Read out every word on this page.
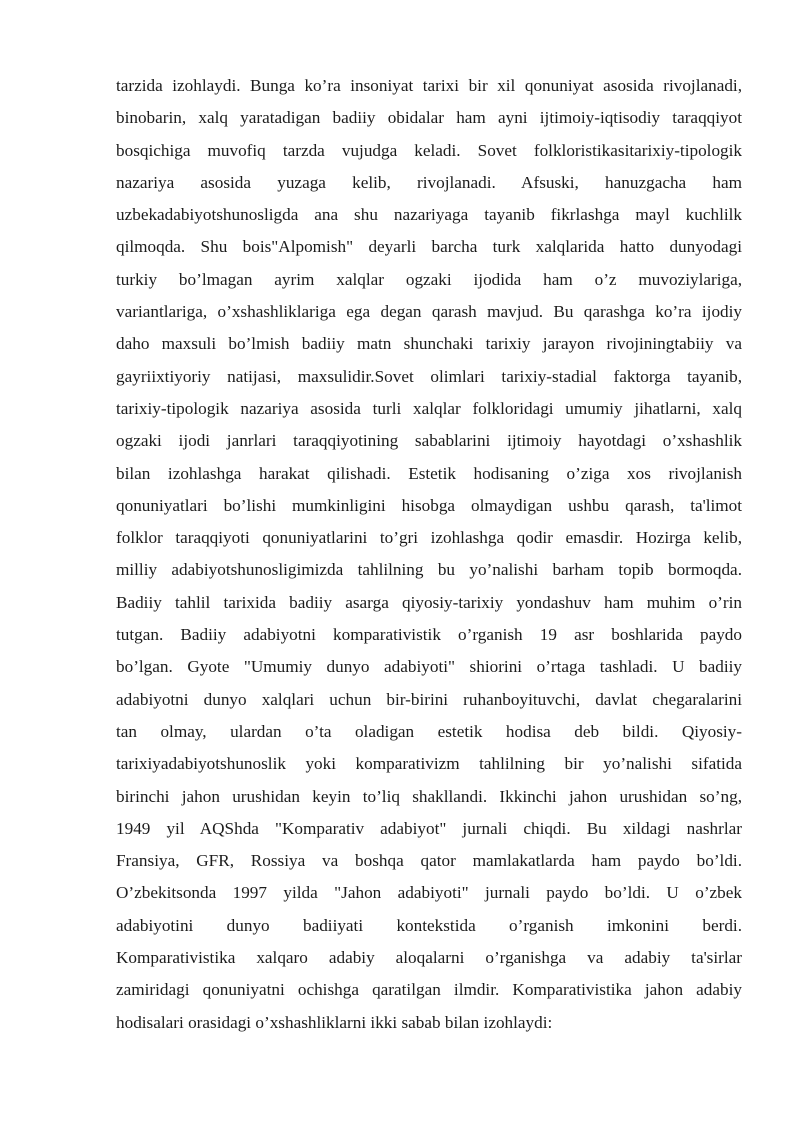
tarzida izohlaydi. Bunga ko’ra insoniyat tarixi bir xil qonuniyat asosida rivojlanadi,
binobarin, xalq yaratadigan badiiy obidalar ham ayni ijtimoiy-iqtisodiy taraqqiyot
bosqichiga muvofiq tarzda vujudga keladi. Sovet folkloristikasitarixiy-tipologik
nazariya asosida yuzaga kelib, rivojlanadi. Afsuski, hanuzgacha ham
uzbekadabiyotshunosligda ana shu nazariyaga tayanib fikrlashga mayl kuchlilk
qilmoqda. Shu bois"Alpomish" deyarli barcha turk xalqlarida hatto dunyodagi
turkiy bo’lmagan ayrim xalqlar ogzaki ijodida ham o’z muvoziylariga,
variantlariga, o’xshashliklariga ega degan qarash mavjud. Bu qarashga ko’ra ijodiy
daho maxsuli bo’lmish badiiy matn shunchaki tarixiy jarayon rivojiningtabiiy va
gayriixtiyoriy natijasi, maxsulidir.Sovet olimlari tarixiy-stadial faktorga tayanib,
tarixiy-tipologik nazariya asosida turli xalqlar folkloridagi umumiy jihatlarni, xalq
ogzaki ijodi janrlari taraqqiyotining sabablarini ijtimoiy hayotdagi o’xshashlik
bilan izohlashga harakat qilishadi. Estetik hodisaning o’ziga xos rivojlanish
qonuniyatlari bo’lishi mumkinligini hisobga olmaydigan ushbu qarash, ta'limot
folklor taraqqiyoti qonuniyatlarini to’gri izohlashga qodir emasdir. Hozirga kelib,
milliy adabiyotshunosligimizda tahlilning bu yo’nalishi barham topib bormoqda.
Badiiy tahlil tarixida badiiy asarga qiyosiy-tarixiy yondashuv ham muhim o’rin
tutgan. Badiiy adabiyotni komparativistik o’rganish 19 asr boshlarida paydo
bo’lgan. Gyote "Umumiy dunyo adabiyoti" shiorini o’rtaga tashladi. U badiiy
adabiyotni dunyo xalqlari uchun bir-birini ruhanboyituvchi, davlat chegaralarini
tan olmay, ulardan o’ta oladigan estetik hodisa deb bildi. Qiyosiy-
tarixiyadabiyotshunoslik yoki komparativizm tahlilning bir yo’nalishi sifatida
birinchi jahon urushidan keyin to’liq shakllandi. Ikkinchi jahon urushidan so’ng,
1949 yil AQShda "Komparativ adabiyot" jurnali chiqdi. Bu xildagi nashrlar
Fransiya, GFR, Rossiya va boshqa qator mamlakatlarda ham paydo bo’ldi.
O’zbekitsonda 1997 yilda "Jahon adabiyoti" jurnali paydo bo’ldi. U o’zbek
adabiyotini dunyo badiiyati kontekstida o’rganish imkonini berdi.
Komparativistika xalqaro adabiy aloqalarni o’rganishga va adabiy ta'sirlar
zamiridagi qonuniyatni ochishga qaratilgan ilmdir. Komparativistika jahon adabiy
hodisalari orasidagi o’xshashliklarni ikki sabab bilan izohlaydi:
